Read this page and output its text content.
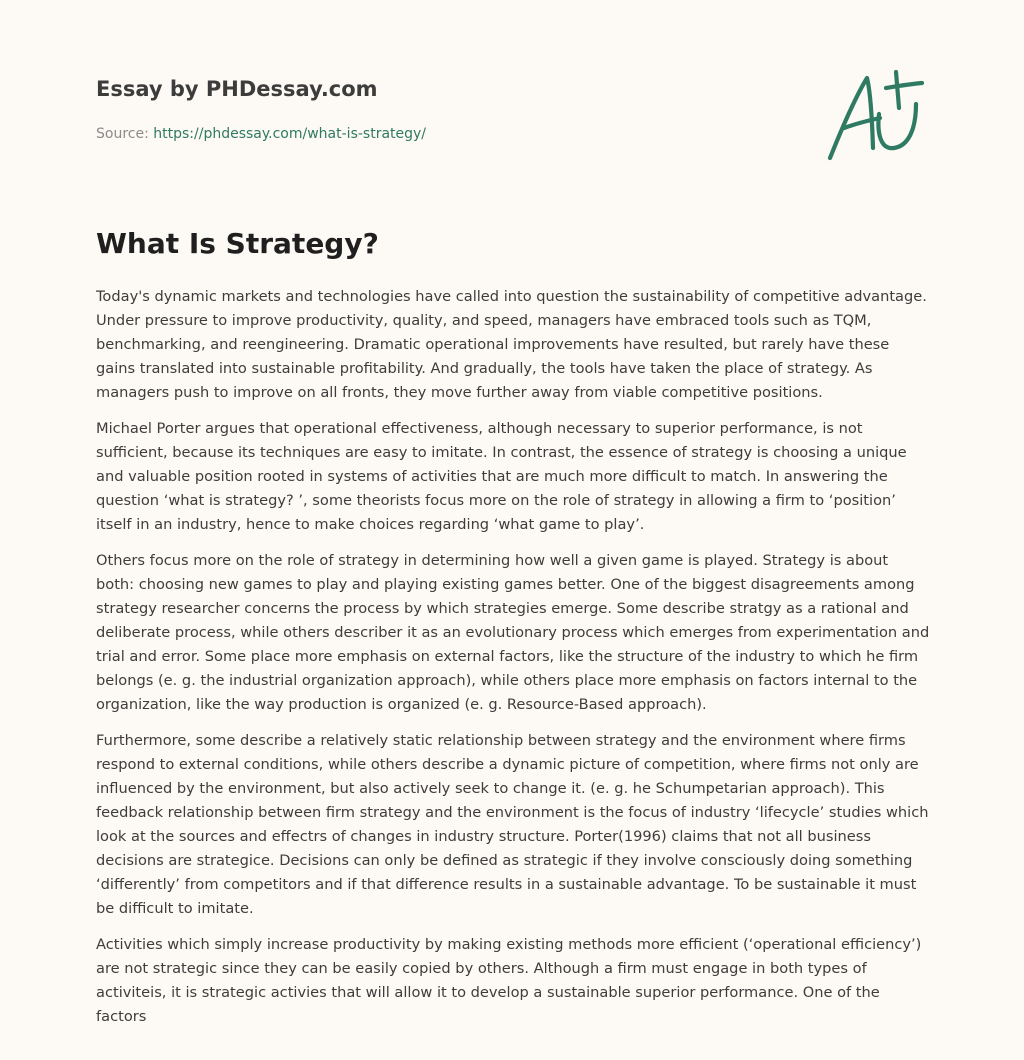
Essay by PHDessay.com
Source: https://phdessay.com/what-is-strategy/
What Is Strategy?

Today's dynamic markets and technologies have called into question the sustainability of competitive advantage. Under pressure to improve productivity, quality, and speed, managers have embraced tools such as TQM, benchmarking, and reengineering. Dramatic operational improvements have resulted, but rarely have these gains translated into sustainable profitability. And gradually, the tools have taken the place of strategy. As managers push to improve on all fronts, they move further away from viable competitive positions.

Michael Porter argues that operational effectiveness, although necessary to superior performance, is not sufficient, because its techniques are easy to imitate. In contrast, the essence of strategy is choosing a unique and valuable position rooted in systems of activities that are much more difficult to match. In answering the question ‘what is strategy? ’, some theorists focus more on the role of strategy in allowing a firm to ‘position’ itself in an industry, hence to make choices regarding ‘what game to play’.

Others focus more on the role of strategy in determining how well a given game is played. Strategy is about both: choosing new games to play and playing existing games better. One of the biggest disagreements among strategy researcher concerns the process by which strategies emerge. Some describe stratgy as a rational and deliberate process, while others describer it as an evolutionary process which emerges from experimentation and trial and error. Some place more emphasis on external factors, like the structure of the industry to which he firm belongs (e. g. the industrial organization approach), while others place more emphasis on factors internal to the organization, like the way production is organized (e. g. Resource-Based approach).

Furthermore, some describe a relatively static relationship between strategy and the environment where firms respond to external conditions, while others describe a dynamic picture of competition, where firms not only are influenced by the environment, but also actively seek to change it. (e. g. he Schumpetarian approach). This feedback relationship between firm strategy and the environment is the focus of industry ‘lifecycle’ studies which look at the sources and effectrs of changes in industry structure. Porter(1996) claims that not all business decisions are strategice. Decisions can only be defined as strategic if they involve consciously doing something ‘differently’ from competitors and if that difference results in a sustainable advantage. To be sustainable it must be difficult to imitate.

Activities which simply increase productivity by making existing methods more efficient (‘operational efficiency’) are not strategic since they can be easily copied by others. Although a firm must engage in both types of activiteis, it is strategic activies that will allow it to develop a sustainable superior performance. One of the factors
